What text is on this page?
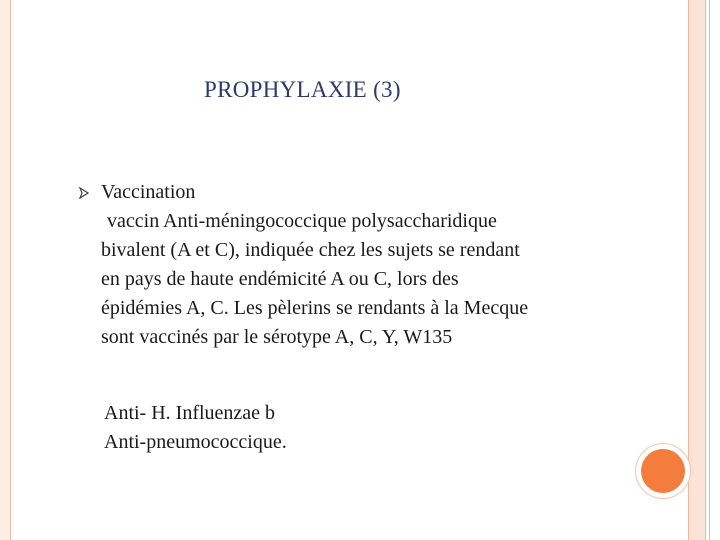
PROPHYLAXIE (3)
Vaccination
vaccin Anti-méningococcique polysaccharidique
bivalent (A et C), indiquée chez les sujets se rendant
en pays de haute endémicité A ou C, lors des
épidémies A, C. Les pèlerins se rendants à la Mecque
sont vaccinés par le sérotype A, C, Y, W135
Anti- H. Influenzae b
Anti-pneumococcique.
